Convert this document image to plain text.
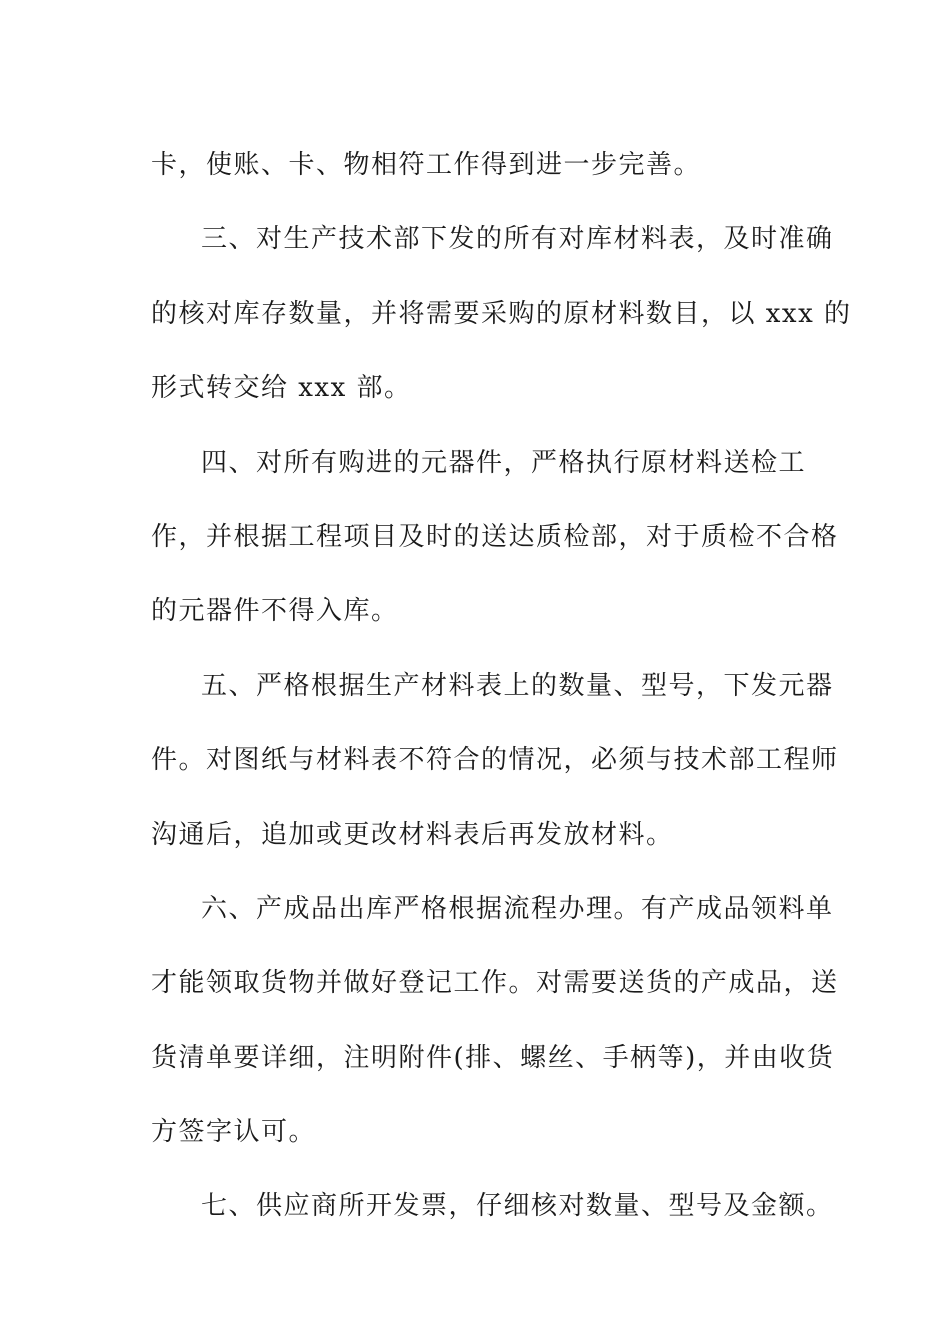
卡，使账、卡、物相符工作得到进一步完善。
三、对生产技术部下发的所有对库材料表，及时准确
的核对库存数量，并将需要采购的原材料数目，以 xxx 的
形式转交给 xxx 部。
四、对所有购进的元器件，严格执行原材料送检工
作，并根据工程项目及时的送达质检部，对于质检不合格
的元器件不得入库。
五、严格根据生产材料表上的数量、型号，下发元器
件。对图纸与材料表不符合的情况，必须与技术部工程师
沟通后，追加或更改材料表后再发放材料。
六、产成品出库严格根据流程办理。有产成品领料单
才能领取货物并做好登记工作。对需要送货的产成品，送
货清单要详细，注明附件(排、螺丝、手柄等)，并由收货
方签字认可。
七、供应商所开发票，仔细核对数量、型号及金额。
